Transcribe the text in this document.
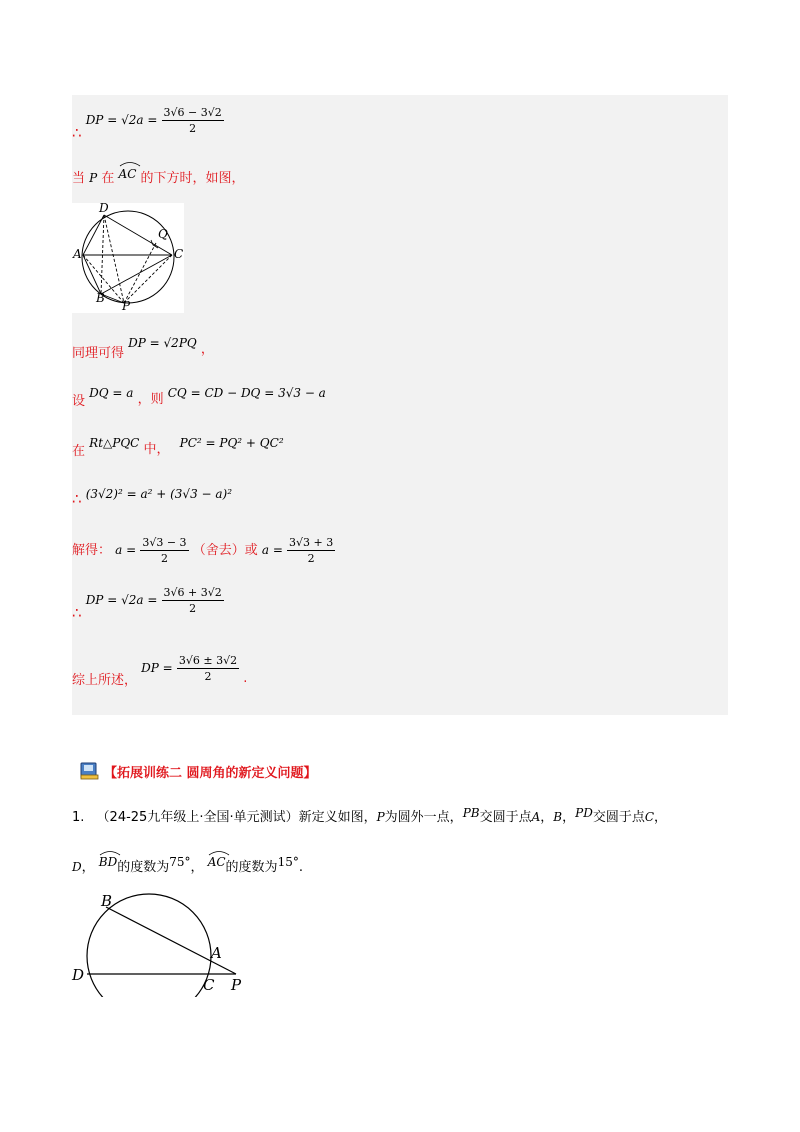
∴ DP = $√2a = \frac{3√6 - 3√2}{2}$
当 P 在 AC 的下方时，如图，
D
Q
A	C
B
P
同理可得 DP = √2PQ ，
设 DQ = a ，则 CQ = CD − DQ = 3√3 − a
在 Rt△PQC 中， PC² = PQ² + QC²
∴ (3√2)² = a² + (3√3 − a)²
解得： $a = \frac{3√3 - 3}{2}$ （舍去）或 $a = \frac{3√3 + 3}{2}$
∴ DP = $√2a = \frac{3√6 + 3√2}{2}$
综上所述， DP = $\frac{3√6 \pm 3√2}{2}$ .
【拓展训练二 圆周角的新定义问题】
1. （24-25九年级上·全国·单元测试）新定义如图，P为圆外一点，PB交圆于点A，B，PD交圆于点C，
D， BD的度数为75°， AC的度数为15°.
B
A
D
C P
